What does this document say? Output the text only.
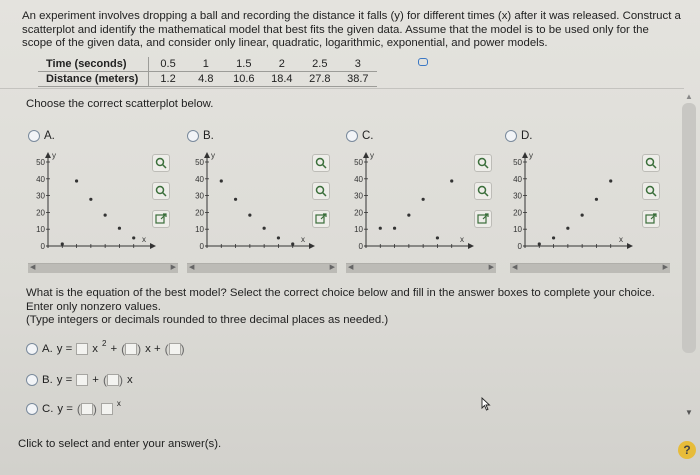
An experiment involves dropping a ball and recording the distance it falls (y) for different times (x) after it was released. Construct a scatterplot and identify the mathematical model that best fits the given data. Assume that the model is to be used only for the scope of the given data, and consider only linear, quadratic, logarithmic, exponential, and power models.
Time (seconds)	0.5	1	1.5	2	2.5	3
Distance (meters)	1.2	4.8	10.6	18.4	27.8	38.7
Choose the correct scatterplot below.
▲
▼
A.	B.	C.	D.
50
40
30
20
10
0
y
x
50
40
30
20
10
0
y
x
50
40
30
20
10
0
y
x
50
40
30
20
10
0
y
x
◀	▶ ◀	▶ ◀	▶	◀	▶
What is the equation of the best model? Select the correct choice below and fill in the answer boxes to complete your choice.
Enter only nonzero values.
(Type integers or decimals rounded to three decimal places as needed.)
A. y = x 2 + ( ) x + ( )
B. y = + ( ) x
C. y = ( )	x
Click to select and enter your answer(s).	?
